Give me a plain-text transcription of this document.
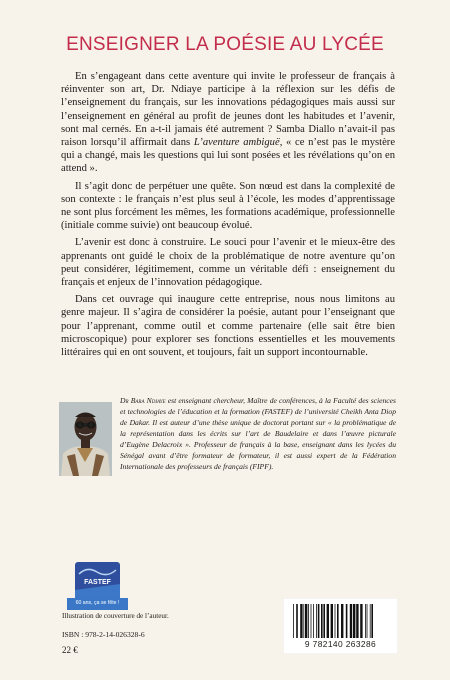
ENSEIGNER LA POÉSIE AU LYCÉE

En s’engageant dans cette aventure qui invite le professeur de français à réinventer son art, Dr. Ndiaye participe à la réflexion sur les défis de l’enseignement du français, sur les innovations pédagogiques mais aussi sur l’enseignement en général au profit de jeunes dont les habitudes et l’avenir, sont mal cernés. En a-t-il jamais été autrement ? Samba Diallo n’avait-il pas raison lorsqu’il affirmait dans L’aventure ambiguë, « ce n’est pas le mystère qui a changé, mais les questions qui lui sont posées et les révélations qu’on en attend ».

Il s’agit donc de perpétuer une quête. Son nœud est dans la complexité de son contexte : le français n’est plus seul à l’école, les modes d’apprentissage ne sont plus forcément les mêmes, les formations académique, professionnelle (initiale comme suivie) ont beaucoup évolué.

L’avenir est donc à construire. Le souci pour l’avenir et le mieux-être des apprenants ont guidé le choix de la problématique de notre aventure qu’on peut considérer, légitimement, comme un véritable défi : enseignement du français et enjeux de l’innovation pédagogique.

Dans cet ouvrage qui inaugure cette entreprise, nous nous limitons au genre majeur. Il s’agira de considérer la poésie, autant pour l’enseignant que pour l’apprenant, comme outil et comme partenaire (elle sait être bien microscopique) pour explorer ses fonctions essentielles et les mouvements littéraires qui en ont souvent, et toujours, fait un support incontournable.

Dr Bara Ndiaye est enseignant chercheur, Maître de conférences, à la Faculté des sciences et technologies de l’éducation et la formation (FASTEF) de l’université Cheikh Anta Diop de Dakar. Il est auteur d’une thèse unique de doctorat portant sur « la problématique de la représentation dans les écrits sur l’art de Baudelaire et dans l’œuvre picturale d’Eugène Delacroix ». Professeur de français à la base, enseignant dans les lycées du Sénégal avant d’être formateur de formateur, il est aussi expert de la Fédération Internationale des professeurs de français (FIPF).
FASTEF
60 ans, ça se fête !
Illustration de couverture de l’auteur.
ISBN : 978-2-14-026328-6
22 €
9 782140 263286
